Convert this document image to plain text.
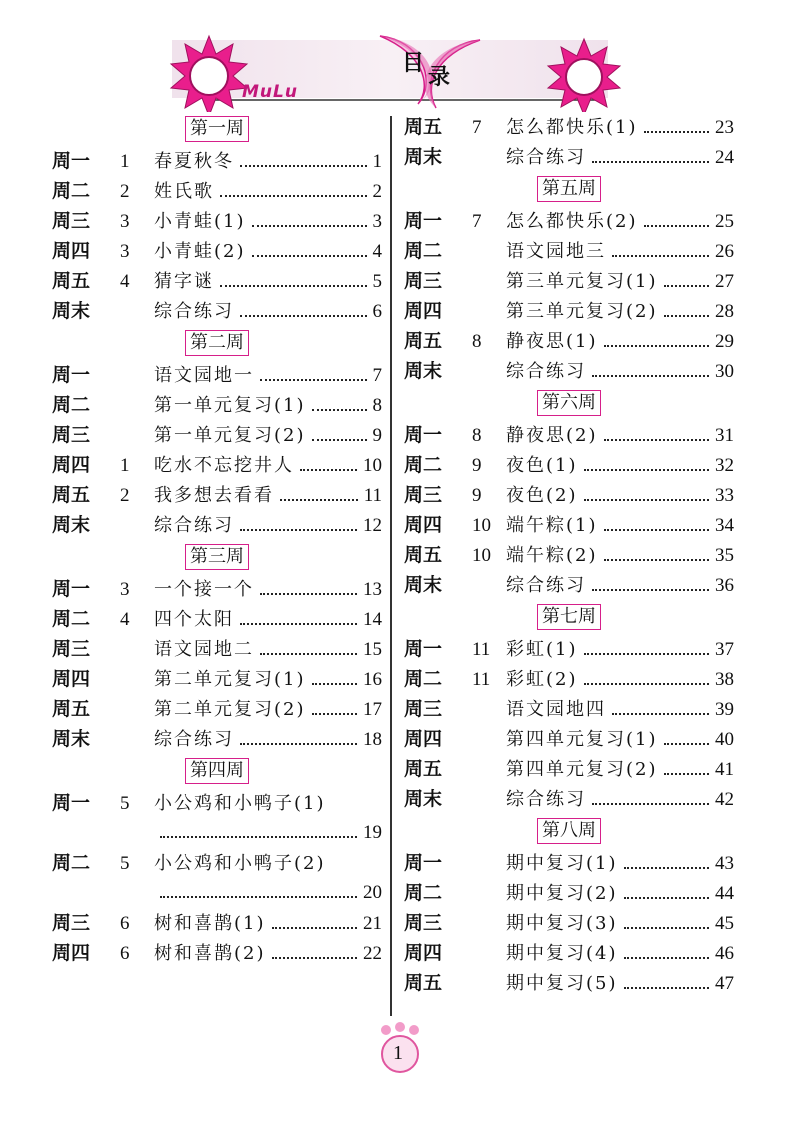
目
录
MuLu
第一周
周一	1	春夏秋冬	1
周二	2	姓氏歌	2
周三	3	小青蛙(1)	3
周四	3	小青蛙(2)	4
周五	4	猜字谜	5
周末	综合练习	6
第二周
周一	语文园地一	7
周二	第一单元复习(1)	8
周三	第一单元复习(2)	9
周四	1	吃水不忘挖井人	10
周五	2	我多想去看看	11
周末	综合练习	12
第三周
周一	3	一个接一个	13
周二	4	四个太阳	14
周三	语文园地二	15
周四	第二单元复习(1)	16
周五	第二单元复习(2)	17
周末	综合练习	18
第四周
周一	5	小公鸡和小鸭子(1)
19
周二	5	小公鸡和小鸭子(2)
20
周三	6	树和喜鹊(1)	21
周四	6	树和喜鹊(2)	22
周五	7	怎么都快乐(1)	23
周末	综合练习	24
第五周
周一	7	怎么都快乐(2)	25
周二	语文园地三	26
周三	第三单元复习(1)	27
周四	第三单元复习(2)	28
周五	8	静夜思(1)	29
周末	综合练习	30
第六周
周一	8	静夜思(2)	31
周二	9	夜色(1)	32
周三	9	夜色(2)	33
周四	10 端午粽(1)	34
周五	10 端午粽(2)	35
周末	综合练习	36
第七周
周一	11 彩虹(1)	37
周二	11 彩虹(2)	38
周三	语文园地四	39
周四	第四单元复习(1)	40
周五	第四单元复习(2)	41
周末	综合练习	42
第八周
周一	期中复习(1)	43
周二	期中复习(2)	44
周三	期中复习(3)	45
周四	期中复习(4)	46
周五	期中复习(5)	47
1
